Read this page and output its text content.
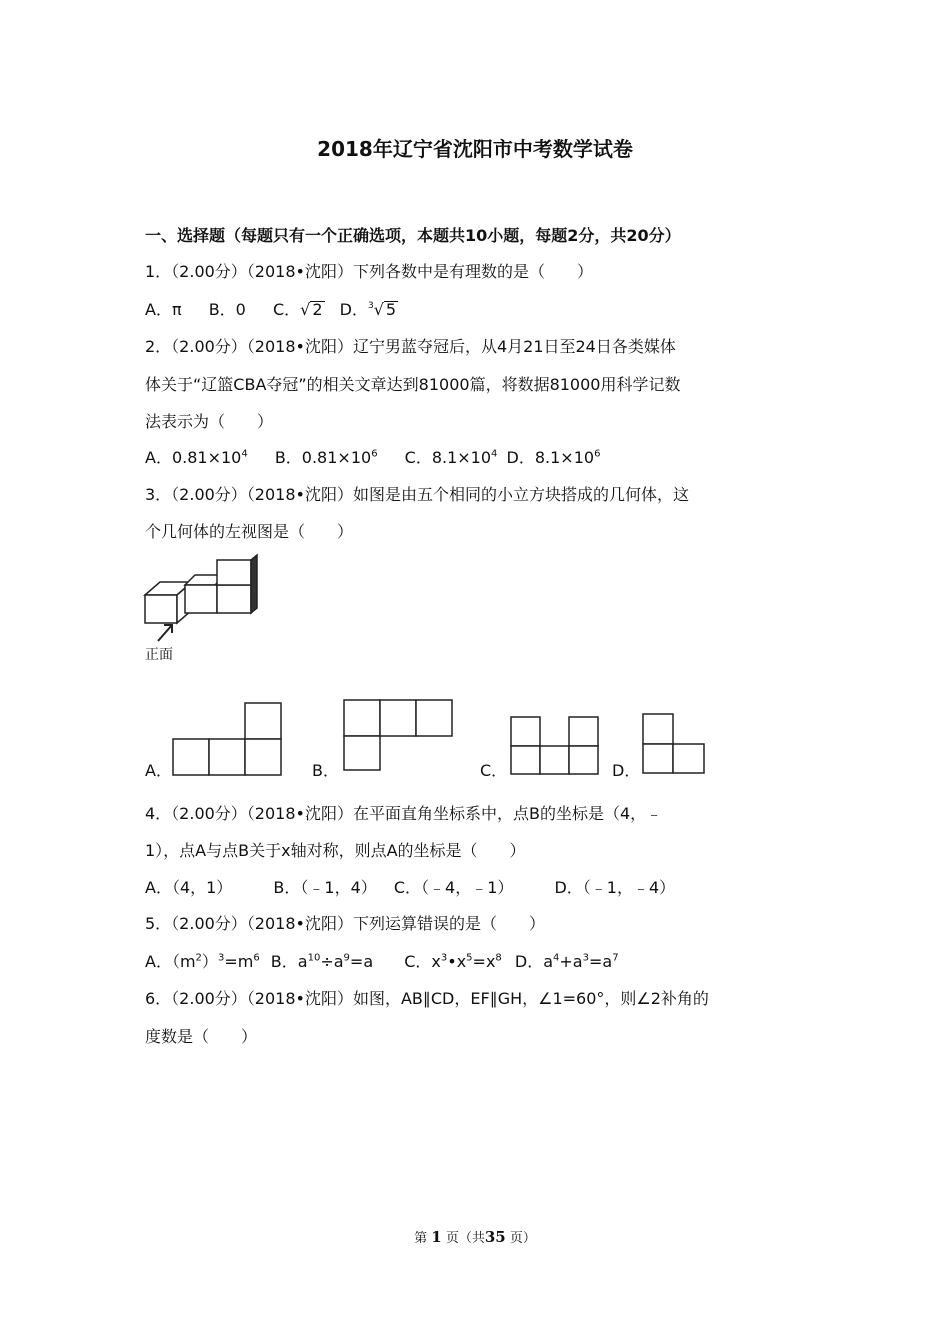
2018年辽宁省沈阳市中考数学试卷
一、选择题（每题只有一个正确选项，本题共10小题，每题2分，共20分）
1．（2.00分）（2018•沈阳）下列各数中是有理数的是（　　）
A．π B．0 C．√ 2 D．$^3$√ 5
2．（2.00分）（2018•沈阳）辽宁男蓝夺冠后，从4月21日至24日各类媒体
体关于“辽篮CBA夺冠”的相关文章达到81000篇，将数据81000用科学记数
法表示为（　　）
A．$0.81\times 10^4$ B．$0.81\times 10^6$ C．$8.1\times 10^4$ D．$8.1\times 10^6$
3．（2.00分）（2018•沈阳）如图是由五个相同的小立方块搭成的几何体，这
个几何体的左视图是（　　）
正面
A．	B．	C．	D．
4．（2.00分）（2018•沈阳）在平面直角坐标系中，点B的坐标是（4，﹣
1），点A与点B关于x轴对称，则点A的坐标是（　　）
A．（4，1）	B．（﹣1，4） C．（﹣4，﹣1）	D．（﹣1，﹣4）
5．（2.00分）（2018•沈阳）下列运算错误的是（　　）
A．$(m^2)^3=m^6$ B．$a^{10}\div a^9=a$ C．$x^3•x^5=x^8$ D．$a^4+a^3=a^7$
6．（2.00分）（2018•沈阳）如图，AB∥CD，EF∥GH，∠1=60°，则∠2补角的
度数是（　　）
第 1 页（共35 页）
